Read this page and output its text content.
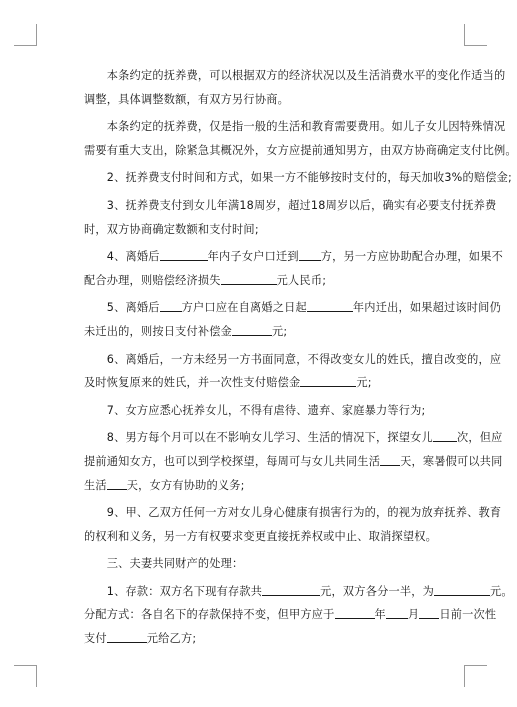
　　本条约定的抚养费，可以根据双方的经济状况以及生活消费水平的变化作适当的

调整，具体调整数额，有双方另行协商。

　　本条约定的抚养费，仅是指一般的生活和教育需要费用。如儿子女儿因特殊情况

需要有重大支出，除紧急其概况外，女方应提前通知男方，由双方协商确定支付比例。

　　2、抚养费支付时间和方式，如果一方不能够按时支付的，每天加收3%的赔偿金;

　　3、抚养费支付到女儿年满18周岁，超过18周岁以后，确实有必要支付抚养费

时，双方协商确定数额和支付时间;

　　4、离婚后	年内子女户口迁到 方，另一方应协助配合办理，如果不

配合办理，则赔偿经济损失	元人民币;

　　5、离婚后 方户口应在自离婚之日起	年内迁出，如果超过该时间仍

未迁出的，则按日支付补偿金	元;

　　6、离婚后，一方未经另一方书面同意，不得改变女儿的姓氏，擅自改变的，应

及时恢复原来的姓氏，并一次性支付赔偿金	元;

　　7、女方应悉心抚养女儿，不得有虐待、遗弃、家庭暴力等行为;

　　8、男方每个月可以在不影响女儿学习、生活的情况下，探望女儿 次，但应

提前通知女方，也可以到学校探望，每周可与女儿共同生活 天，寒暑假可以共同

生活 天，女方有协助的义务;

　　9、甲、乙双方任何一方对女儿身心健康有损害行为的，的视为放弃抚养、教育

的权利和义务，另一方有权要求变更直接抚养权或中止、取消探望权。

　　三、夫妻共同财产的处理：

　　1、存款：双方名下现有存款共	元，双方各分一半，为	元。

分配方式：各自名下的存款保持不变，但甲方应于	年 月 日前一次性

支付	元给乙方;
